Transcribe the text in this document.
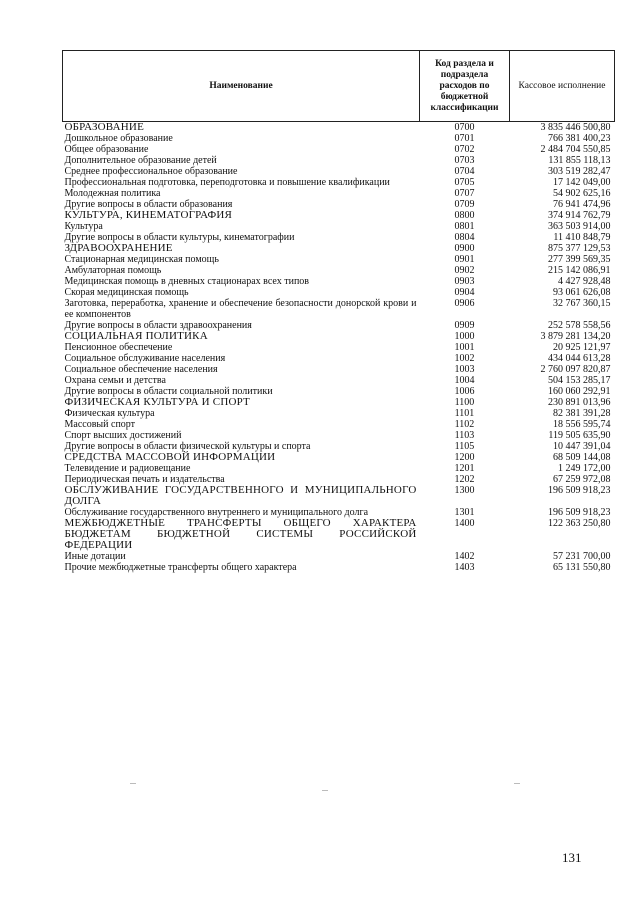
Наименование	Код раздела и подраздела расходов по бюджетной классификации	Кассовое исполнение
ОБРАЗОВАНИЕ	0700	3 835 446 500,80
Дошкольное образование	0701	766 381 400,23
Общее образование	0702	2 484 704 550,85
Дополнительное образование детей	0703	131 855 118,13
Среднее профессиональное образование	0704	303 519 282,47
Профессиональная подготовка, переподготовка и повышение квалификации	0705	17 142 049,00
Молодежная политика	0707	54 902 625,16
Другие вопросы в области образования	0709	76 941 474,96
КУЛЬТУРА, КИНЕМАТОГРАФИЯ	0800	374 914 762,79
Культура	0801	363 503 914,00
Другие вопросы в области культуры, кинематографии	0804	11 410 848,79
ЗДРАВООХРАНЕНИЕ	0900	875 377 129,53
Стационарная медицинская помощь	0901	277 399 569,35
Амбулаторная помощь	0902	215 142 086,91
Медицинская помощь в дневных стационарах всех типов	0903	4 427 928,48
Скорая медицинская помощь	0904	93 061 626,08
Заготовка, переработка, хранение и обеспечение безопасности донорской крови и ее компонентов	0906	32 767 360,15
Другие вопросы в области здравоохранения	0909	252 578 558,56
СОЦИАЛЬНАЯ ПОЛИТИКА	1000	3 879 281 134,20
Пенсионное обеспечение	1001	20 925 121,97
Социальное обслуживание населения	1002	434 044 613,28
Социальное обеспечение населения	1003	2 760 097 820,87
Охрана семьи и детства	1004	504 153 285,17
Другие вопросы в области социальной политики	1006	160 060 292,91
ФИЗИЧЕСКАЯ КУЛЬТУРА И СПОРТ	1100	230 891 013,96
Физическая культура	1101	82 381 391,28
Массовый спорт	1102	18 556 595,74
Спорт высших достижений	1103	119 505 635,90
Другие вопросы в области физической культуры и спорта	1105	10 447 391,04
СРЕДСТВА МАССОВОЙ ИНФОРМАЦИИ	1200	68 509 144,08
Телевидение и радиовещание	1201	1 249 172,00
Периодическая печать и издательства	1202	67 259 972,08
ОБСЛУЖИВАНИЕ ГОСУДАРСТВЕННОГО И МУНИЦИПАЛЬНОГО ДОЛГА	1300	196 509 918,23
Обслуживание государственного внутреннего и муниципального долга	1301	196 509 918,23
МЕЖБЮДЖЕТНЫЕ ТРАНСФЕРТЫ ОБЩЕГО ХАРАКТЕРА БЮДЖЕТАМ БЮДЖЕТНОЙ СИСТЕМЫ РОССИЙСКОЙ ФЕДЕРАЦИИ	1400	122 363 250,80
Иные дотации	1402	57 231 700,00
Прочие межбюджетные трансферты общего характера	1403	65 131 550,80
131
